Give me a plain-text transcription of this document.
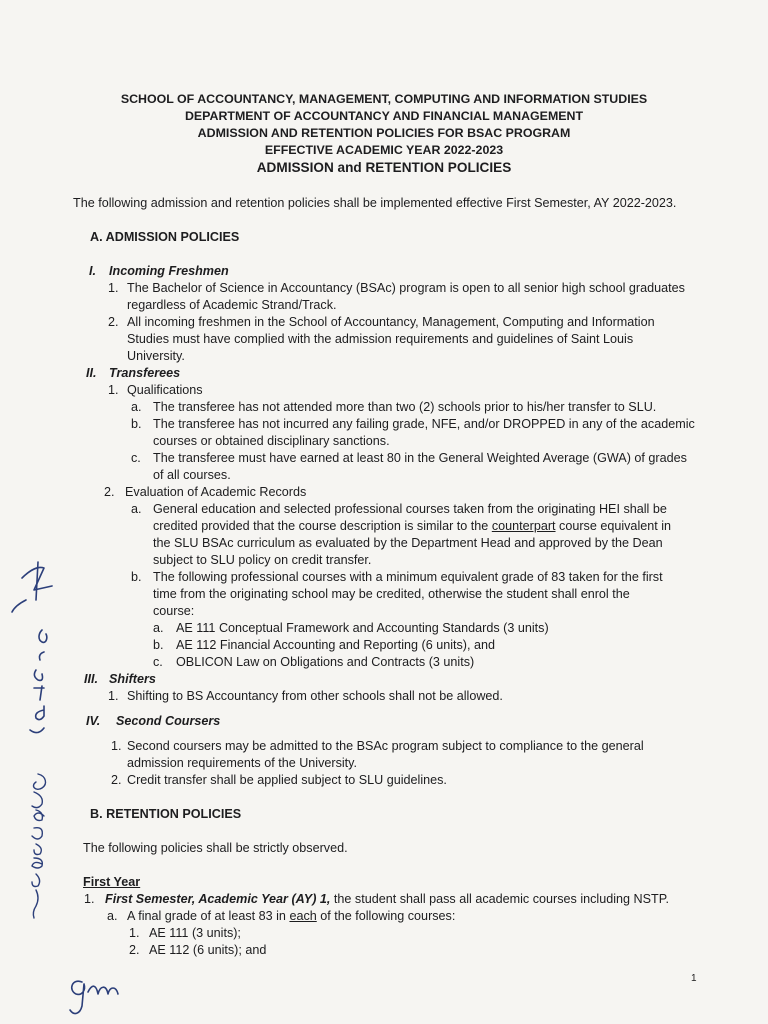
SCHOOL OF ACCOUNTANCY, MANAGEMENT, COMPUTING AND INFORMATION STUDIES
DEPARTMENT OF ACCOUNTANCY AND FINANCIAL MANAGEMENT
ADMISSION AND RETENTION POLICIES FOR BSAC PROGRAM
EFFECTIVE ACADEMIC YEAR 2022-2023
ADMISSION and RETENTION POLICIES
The following admission and retention policies shall be implemented effective First Semester, AY 2022-2023.
A. ADMISSION POLICIES
I. Incoming Freshmen
1. The Bachelor of Science in Accountancy (BSAc) program is open to all senior high school graduates
regardless of Academic Strand/Track.
2. All incoming freshmen in the School of Accountancy, Management, Computing and Information
Studies must have complied with the admission requirements and guidelines of Saint Louis
University.
II. Transferees
1. Qualifications
a. The transferee has not attended more than two (2) schools prior to his/her transfer to SLU.
b. The transferee has not incurred any failing grade, NFE, and/or DROPPED in any of the academic
courses or obtained disciplinary sanctions.
c. The transferee must have earned at least 80 in the General Weighted Average (GWA) of grades
of all courses.
2. Evaluation of Academic Records
a. General education and selected professional courses taken from the originating HEI shall be
credited provided that the course description is similar to the counterpart course equivalent in
the SLU BSAc curriculum as evaluated by the Department Head and approved by the Dean
subject to SLU policy on credit transfer.
b. The following professional courses with a minimum equivalent grade of 83 taken for the first
time from the originating school may be credited, otherwise the student shall enrol the
course:
a. AE 111 Conceptual Framework and Accounting Standards (3 units)
b. AE 112 Financial Accounting and Reporting (6 units), and
c. OBLICON Law on Obligations and Contracts (3 units)
III. Shifters
1. Shifting to BS Accountancy from other schools shall not be allowed.
IV. Second Coursers
1. Second coursers may be admitted to the BSAc program subject to compliance to the general
admission requirements of the University.
2. Credit transfer shall be applied subject to SLU guidelines.
B. RETENTION POLICIES
The following policies shall be strictly observed.
First Year
1. First Semester, Academic Year (AY) 1, the student shall pass all academic courses including NSTP.
a. A final grade of at least 83 in each of the following courses:
1. AE 111 (3 units);
2. AE 112 (6 units); and
1
